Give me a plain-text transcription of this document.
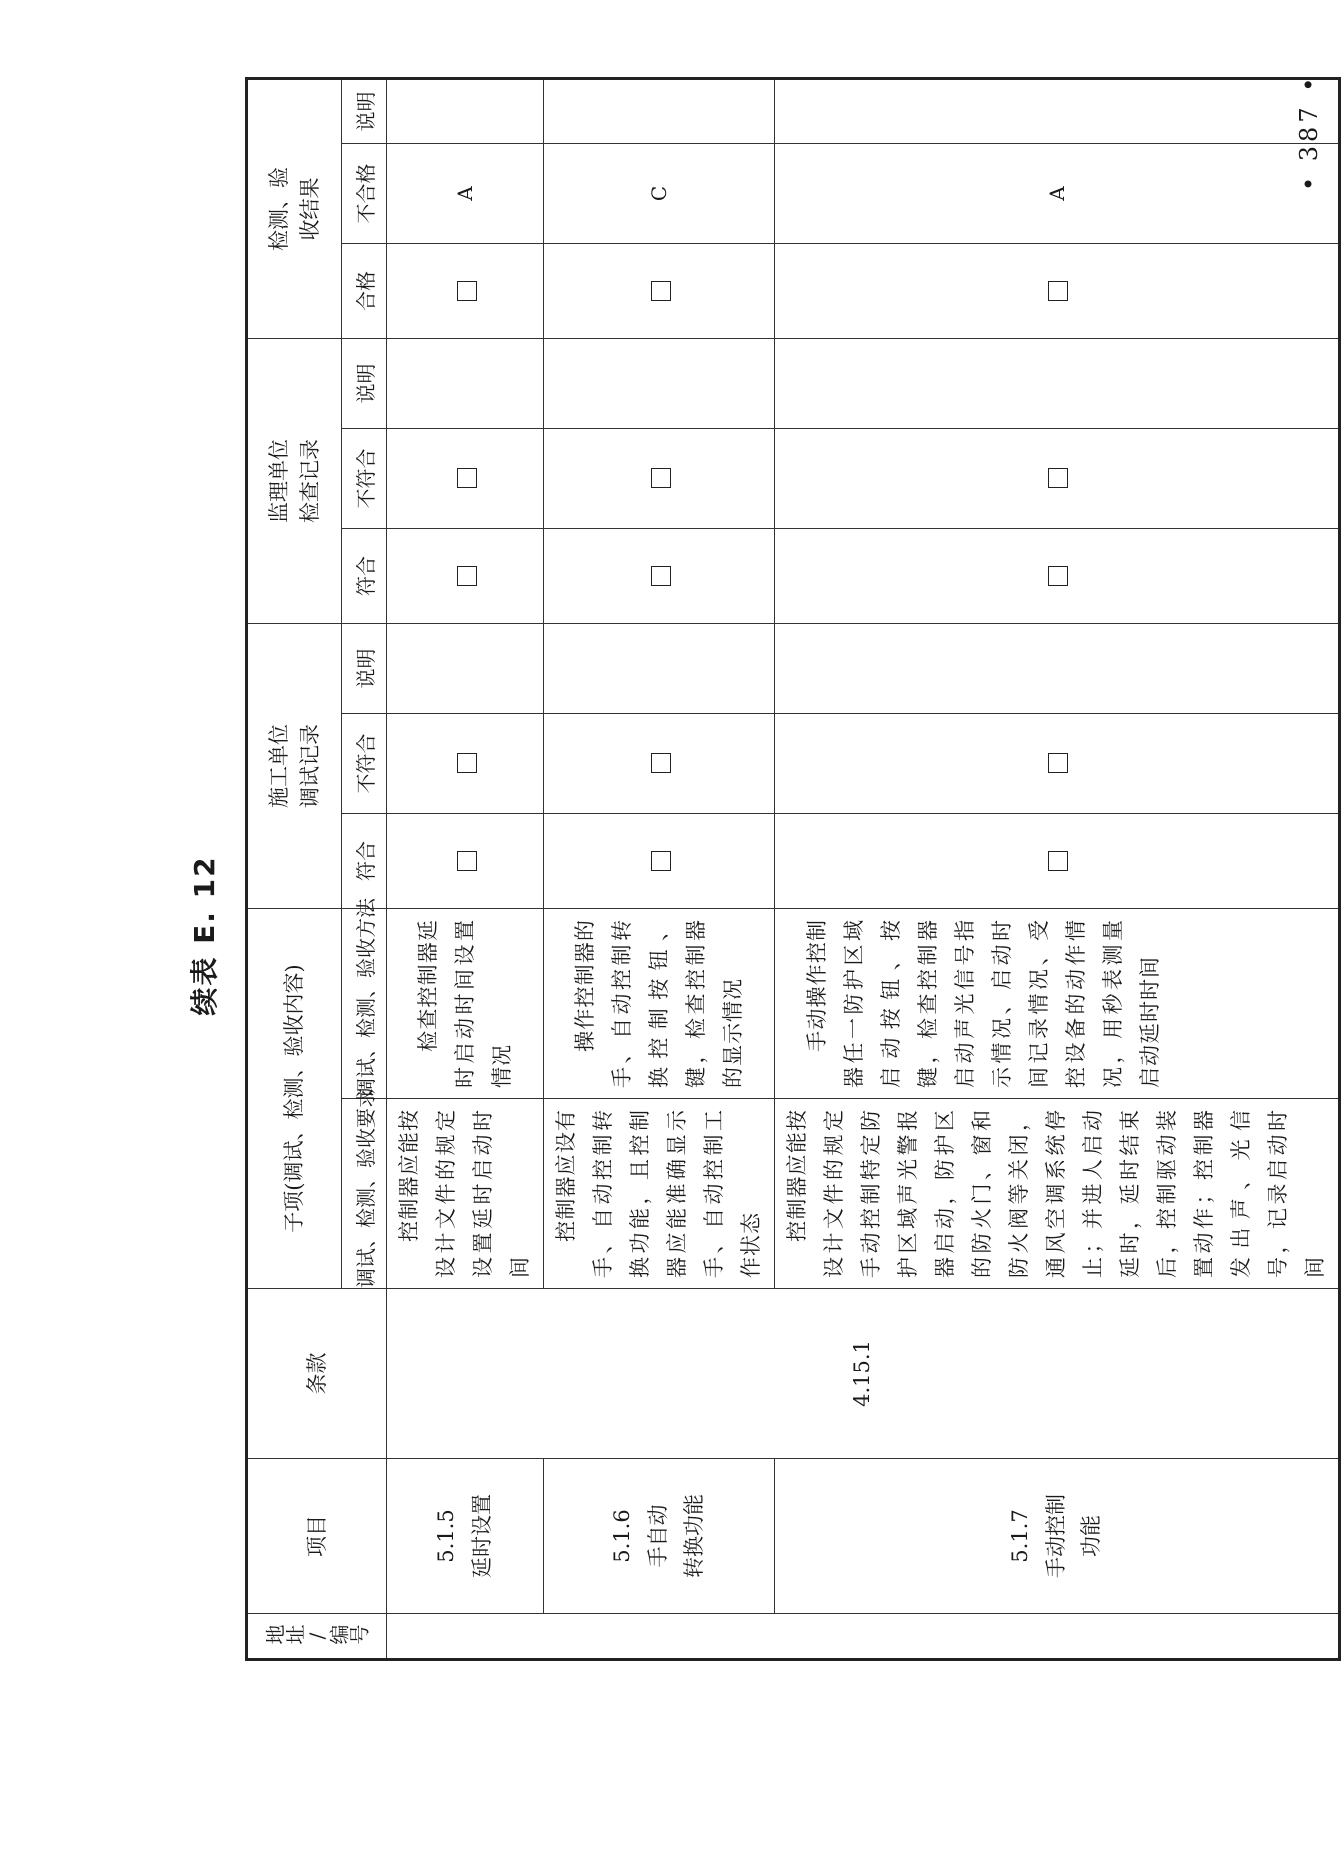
续表 E. 12
地址/编号	项目	条款	子项(调试、检测、验收内容)		施工单位调试记录			监理单位检查记录			检测、验收结果		

			调试、检测、验收要求	调试、检测、验收方法	符合	不符合	说明	符合	不符合	说明	合格	不合格	说明

	5.1.5 延时设置	4.15.1	控制器应能按设计文件的规定设置延时启动时间	检查控制器延时启动时间设置情况								A	

	5.1.6 手自动 转换功能		控制器应设有手、自动控制转换功能，且控制器应能准确显示手、自动控制工作状态	操作控制器的手、自动控制转换控制按钮、键，检查控制器的显示情况								C	

	5.1.7 手动控制 功能		控制器应能按设计文件的规定手动控制特定防护区域声光警报器启动，防护区的防火门、窗和防火阀等关闭，通风空调系统停止；并进人启动延时，延时结束后，控制驱动装置动作；控制器发出声、光信号，记录启动时间	手动操作控制器任一防护区域启动按钮、按键，检查控制器启动声光信号指示情况、启动时间记录情况、受控设备的动作情况，用秒表测量启动延时时间								A	
• 387 •
